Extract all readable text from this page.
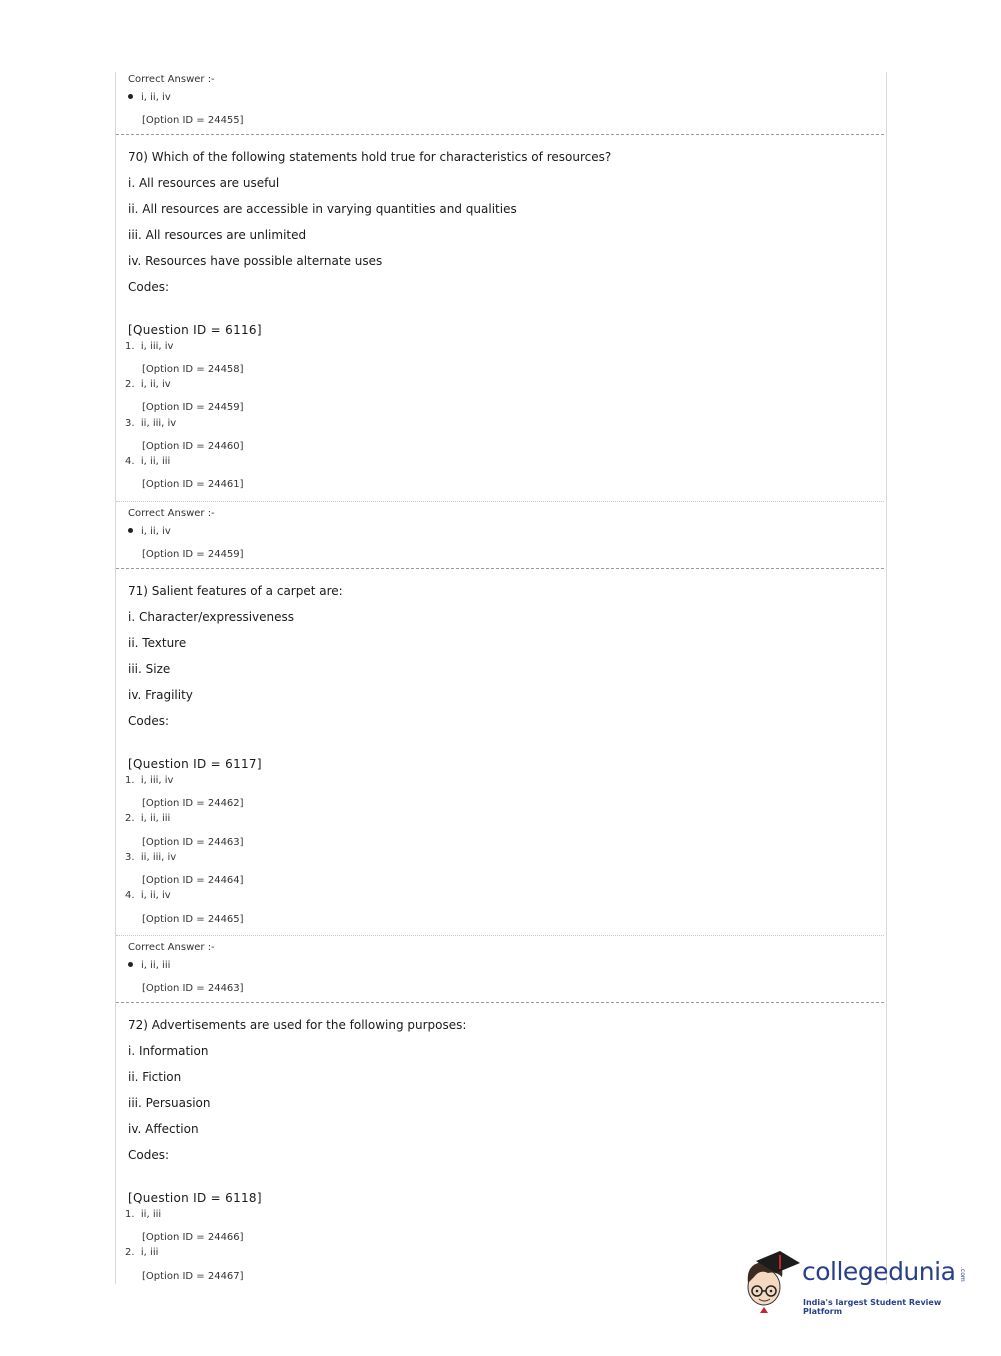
Correct Answer :-
i, ii, iv
[Option ID = 24455]
70) Which of the following statements hold true for characteristics of resources?
i. All resources are useful
ii. All resources are accessible in varying quantities and qualities
iii. All resources are unlimited
iv. Resources have possible alternate uses
Codes:
[Question ID = 6116]
1. i, iii, iv
[Option ID = 24458]
2. i, ii, iv
[Option ID = 24459]
3. ii, iii, iv
[Option ID = 24460]
4. i, ii, iii
[Option ID = 24461]
Correct Answer :-
i, ii, iv
[Option ID = 24459]
71) Salient features of a carpet are:
i. Character/expressiveness
ii. Texture
iii. Size
iv. Fragility
Codes:
[Question ID = 6117]
1. i, iii, iv
[Option ID = 24462]
2. i, ii, iii
[Option ID = 24463]
3. ii, iii, iv
[Option ID = 24464]
4. i, ii, iv
[Option ID = 24465]
Correct Answer :-
i, ii, iii
[Option ID = 24463]
72) Advertisements are used for the following purposes:
i. Information
ii. Fiction
iii. Persuasion
iv. Affection
Codes:
[Question ID = 6118]
1. ii, iii
[Option ID = 24466]
2. i, iii
[Option ID = 24467]	collegedunia .com
India's largest Student Review Platform
